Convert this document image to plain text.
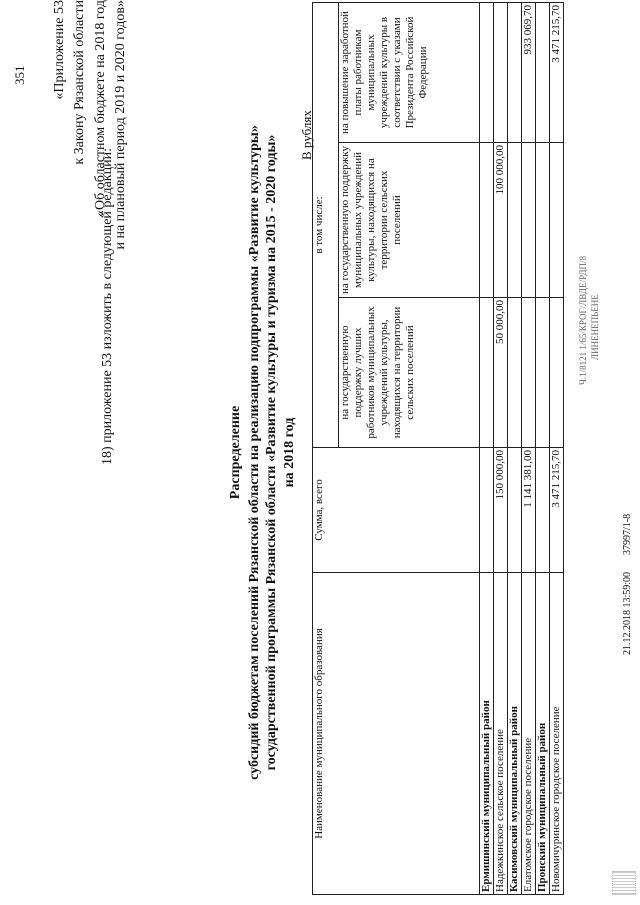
351
18) приложение 53 изложить в следующей редакции:
«Приложение 53 к Закону Рязанской области «Об областном бюджете на 2018 год и на плановый период 2019 и 2020 годов»
Распределение субсидий бюджетам поселений Рязанской области на реализацию подпрограммы «Развитие культуры» государственной программы Рязанской области «Развитие культуры и туризма на 2015 - 2020 годы» на 2018 год
В рублях
Наименование муниципального образования	Сумма, всего			
		в том числе:		
		на государственную поддержку лучших работников муниципальных учреждений культуры, находящихся на территории сельских поселений	на государственную поддержку муниципальных учреждений культуры, находящихся на территории сельских поселений	на повышение заработной платы работникам муниципальных учреждений культуры в соответствии с указами Президента Российской Федерации
Ермишинский муниципальный район				
Надежкинское сельское поселение	150 000,00	50 000,00	100 000,00	
Касимовский муниципальный район				
Елатомское городское поселение	1 141 381,00			933 069,70
Пронский муниципальный район				
Новомичуринское городское поселение	3 471 215,70			3 471 215,70
Ч.1/8121 1/65/КРОГ/ЛВДЕ/РДП/8 ЛИНЕНЕПЬЕНЕ
21.12.2018 13:59:00
37997/1-8
